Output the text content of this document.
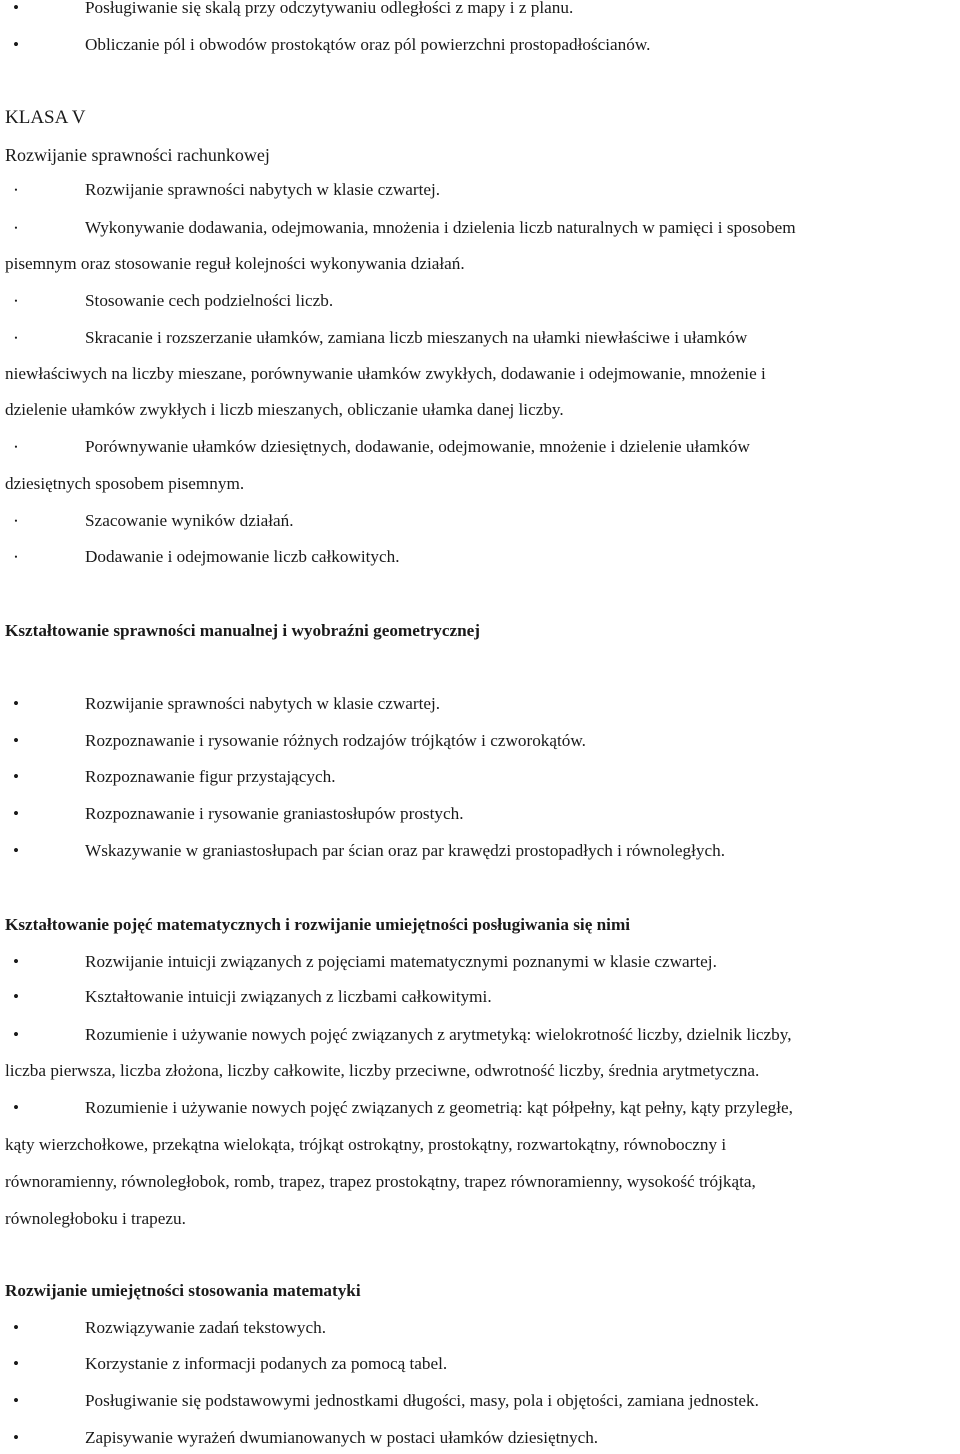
•	Posługiwanie się skalą przy odczytywaniu odległości z mapy i z planu.
•	Obliczanie pól i obwodów prostokątów oraz pól powierzchni prostopadłościanów.
KLASA V
Rozwijanie sprawności rachunkowej
•	Rozwijanie sprawności nabytych w klasie czwartej.
•	Wykonywanie dodawania, odejmowania, mnożenia i dzielenia liczb naturalnych w pamięci i sposobem
pisemnym oraz stosowanie reguł kolejności wykonywania działań.
•	Stosowanie cech podzielności liczb.
•	Skracanie i rozszerzanie ułamków, zamiana liczb mieszanych na ułamki niewłaściwe i ułamków
niewłaściwych na liczby mieszane, porównywanie ułamków zwykłych, dodawanie i odejmowanie, mnożenie i
dzielenie ułamków zwykłych i liczb mieszanych, obliczanie ułamka danej liczby.
•	Porównywanie ułamków dziesiętnych, dodawanie, odejmowanie, mnożenie i dzielenie ułamków
dziesiętnych sposobem pisemnym.
•	Szacowanie wyników działań.
•	Dodawanie i odejmowanie liczb całkowitych.
Kształtowanie sprawności manualnej i wyobraźni geometrycznej
•	Rozwijanie sprawności nabytych w klasie czwartej.
•	Rozpoznawanie i rysowanie różnych rodzajów trójkątów i czworokątów.
•	Rozpoznawanie figur przystających.
•	Rozpoznawanie i rysowanie graniastosłupów prostych.
•	Wskazywanie w graniastosłupach par ścian oraz par krawędzi prostopadłych i równoległych.
Kształtowanie pojęć matematycznych i rozwijanie umiejętności posługiwania się nimi
•	Rozwijanie intuicji związanych z pojęciami matematycznymi poznanymi w klasie czwartej.
•	Kształtowanie intuicji związanych z liczbami całkowitymi.
•	Rozumienie i używanie nowych pojęć związanych z arytmetyką: wielokrotność liczby, dzielnik liczby,
liczba pierwsza, liczba złożona, liczby całkowite, liczby przeciwne, odwrotność liczby, średnia arytmetyczna.
•	Rozumienie i używanie nowych pojęć związanych z geometrią: kąt półpełny, kąt pełny, kąty przyległe,
kąty wierzchołkowe, przekątna wielokąta, trójkąt ostrokątny, prostokątny, rozwartokątny, równoboczny i
równoramienny, równoległobok, romb, trapez, trapez prostokątny, trapez równoramienny, wysokość trójkąta,
równoległoboku i trapezu.
Rozwijanie umiejętności stosowania matematyki
•	Rozwiązywanie zadań tekstowych.
•	Korzystanie z informacji podanych za pomocą tabel.
•	Posługiwanie się podstawowymi jednostkami długości, masy, pola i objętości, zamiana jednostek.
•	Zapisywanie wyrażeń dwumianowanych w postaci ułamków dziesiętnych.
